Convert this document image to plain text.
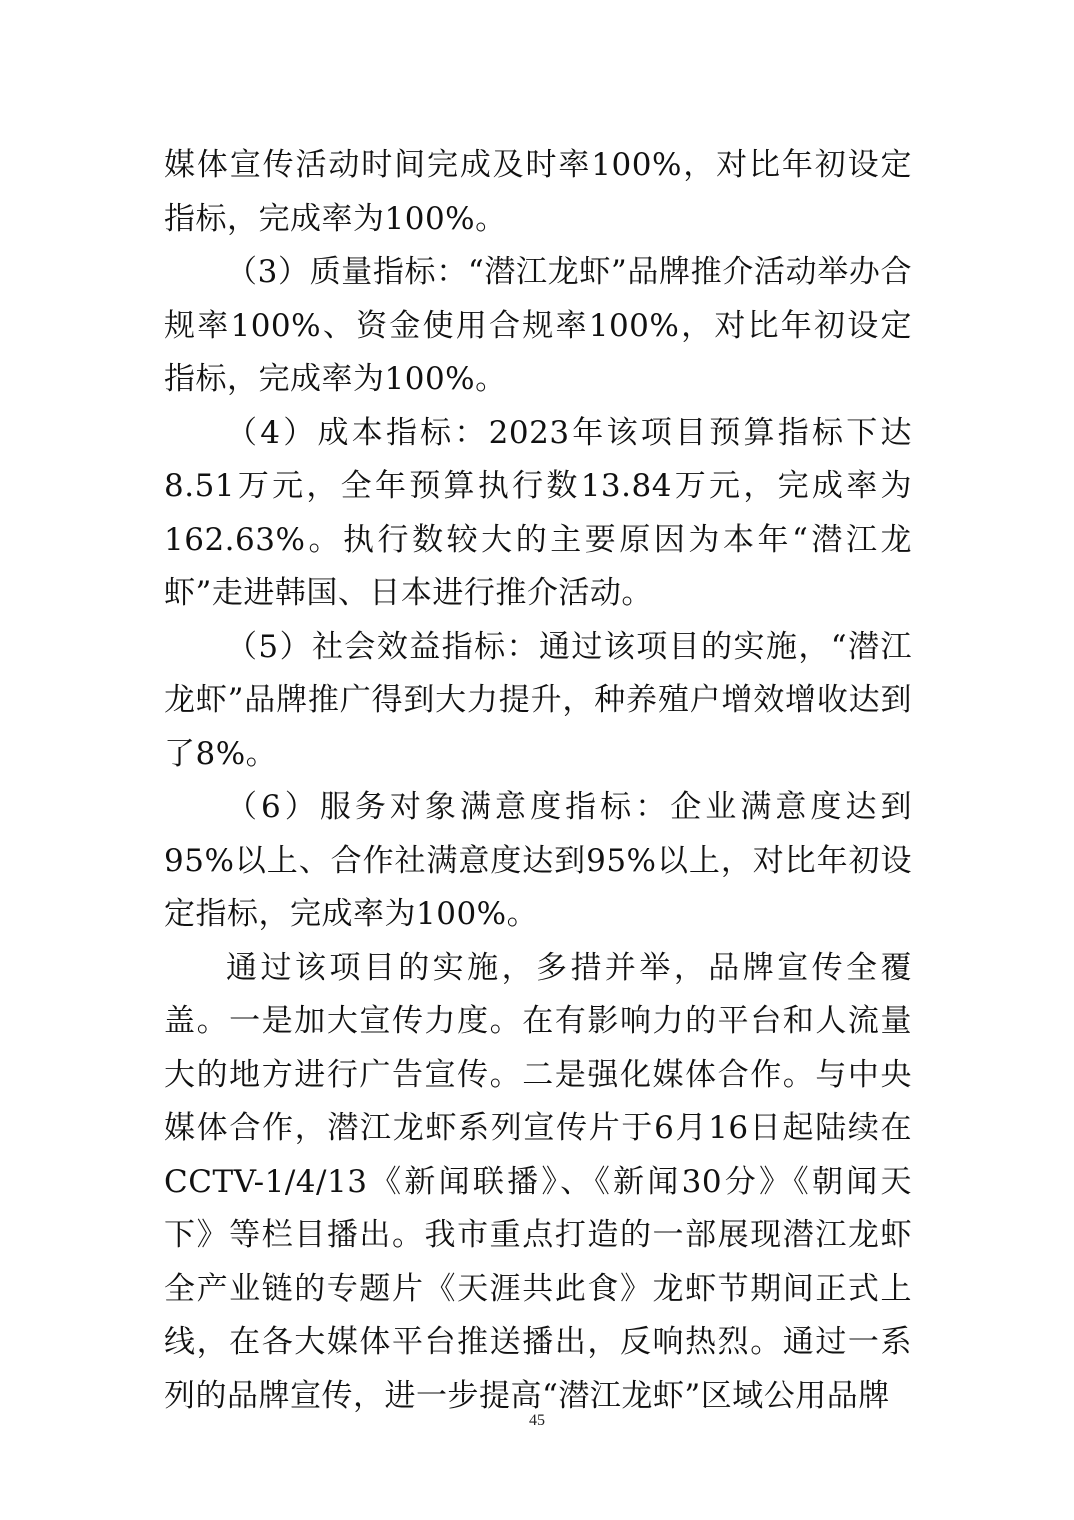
媒体宣传活动时间完成及时率100%，对比年初设定指标，完成率为100%。

（3）质量指标：“潜江龙虾”品牌推介活动举办合规率100%、资金使用合规率100%，对比年初设定指标，完成率为100%。

（4）成本指标：2023年该项目预算指标下达8.51万元，全年预算执行数13.84万元，完成率为162.63%。执行数较大的主要原因为本年“潜江龙虾”走进韩国、日本进行推介活动。

（5）社会效益指标：通过该项目的实施，“潜江龙虾”品牌推广得到大力提升，种养殖户增效增收达到了8%。

（6）服务对象满意度指标：企业满意度达到95%以上、合作社满意度达到95%以上，对比年初设定指标，完成率为100%。

通过该项目的实施，多措并举，品牌宣传全覆盖。一是加大宣传力度。在有影响力的平台和人流量大的地方进行广告宣传。二是强化媒体合作。与中央媒体合作，潜江龙虾系列宣传片于6月16日起陆续在CCTV-1/4/13《新闻联播》、《新闻30分》《朝闻天下》等栏目播出。我市重点打造的一部展现潜江龙虾全产业链的专题片《天涯共此食》龙虾节期间正式上线，在各大媒体平台推送播出，反响热烈。通过一系列的品牌宣传，进一步提高“潜江龙虾”区域公用品牌

45
